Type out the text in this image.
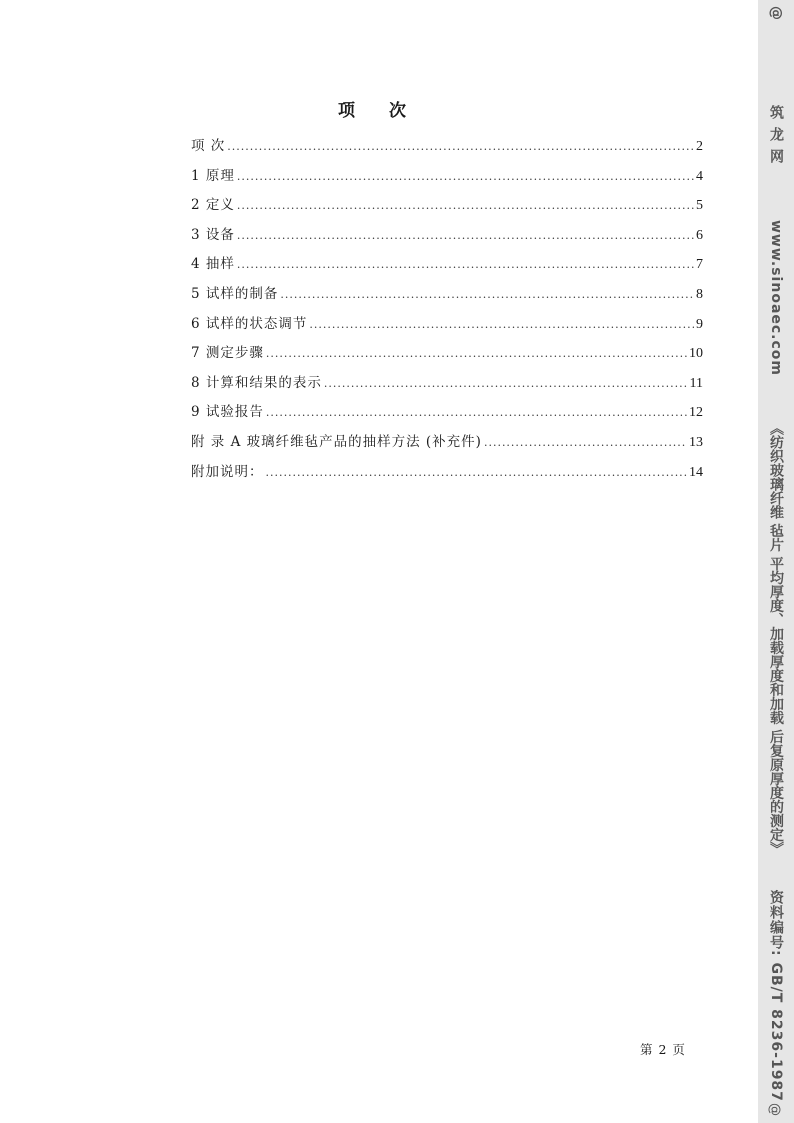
项 次
项 次 .....	2
1 原理 .....	4
2 定义 .....	5
3 设备 .....	6
4 抽样 .....	7
5 试样的制备 .....	8
6 试样的状态调节 .....	9
7 测定步骤 .....	10
8 计算和结果的表示 .....	11
9 试验报告 .....	12
附 录 A 玻璃纤维毡产品的抽样方法 (补充件) .....	13
附加说明： .....	14
第 2 页
@ 筑龙网 www.sinoaec.com 《纺织玻璃纤维 毡片 平均厚度、加载厚度和加载 后复原厚度的测定》 资料编号: GB/T 8236-1987
@
